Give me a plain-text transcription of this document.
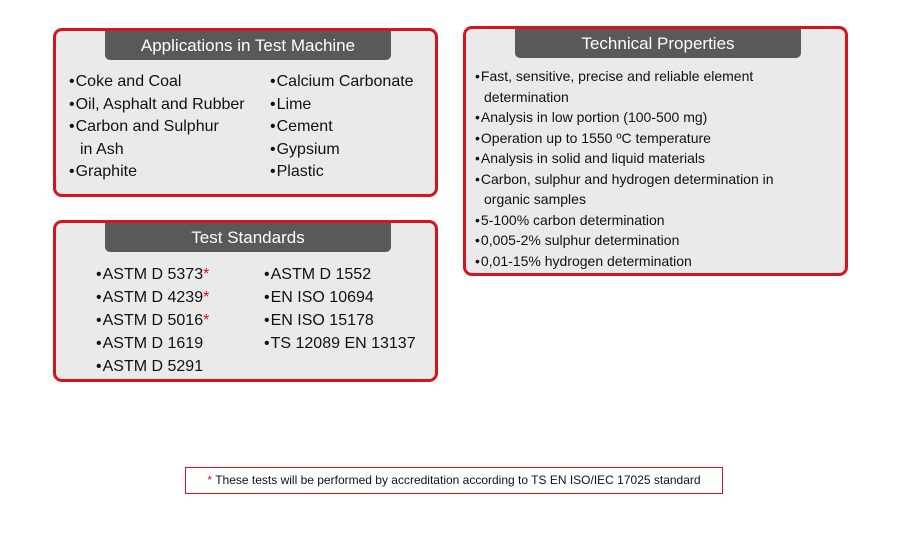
Applications in Test Machine
•Coke and Coal
•Oil, Asphalt and Rubber
•Carbon and Sulphur
in Ash
•Graphite
•Calcium Carbonate
•Lime
•Cement
•Gypsium
•Plastic
Test Standards
•ASTM D 5373*
•ASTM D 4239*
•ASTM D 5016*
•ASTM D 1619
•ASTM D 5291
•ASTM D 1552
•EN ISO 10694
•EN ISO 15178
•TS 12089 EN 13137
Technical Properties
•Fast, sensitive, precise and reliable element
determination
•Analysis in low portion (100-500 mg)
•Operation up to 1550 ºC temperature
•Analysis in solid and liquid materials
•Carbon, sulphur and hydrogen determination in
organic samples
•5-100% carbon determination
•0,005-2% sulphur determination
•0,01-15% hydrogen determination
* These tests will be performed by accreditation according to TS EN ISO/IEC 17025 standard
